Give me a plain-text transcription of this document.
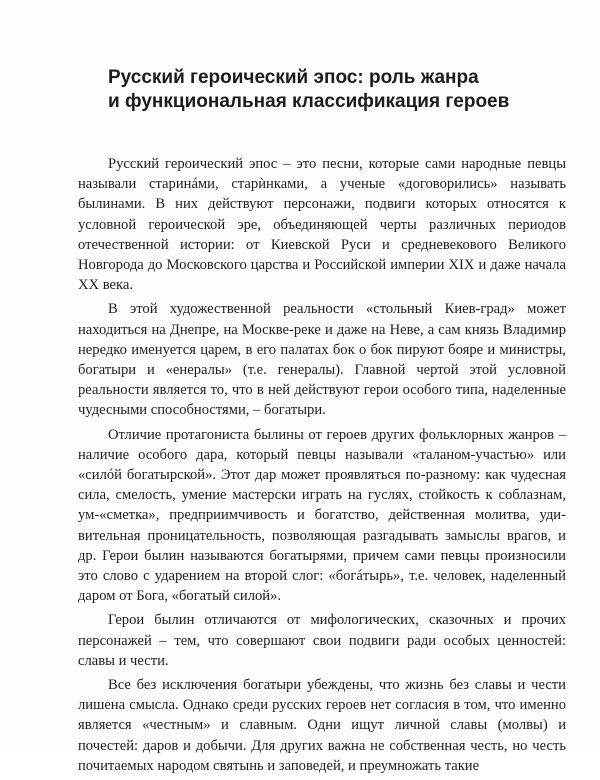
Русский героический эпос: роль жанра
и функциональная классификация героев

Русский героический эпос – это песни, которые сами народные певцы называли старинáми, старѝнками, а ученые «договорились» называть былинами. В них действуют персонажи, подвиги которых относятся к условной героической эре, объединяющей черты различных периодов отечественной истории: от Киевской Руси и средневекового Великого Новгорода до Московского царства и Российской империи XIX и даже начала XX века.

В этой художественной реальности «стольный Киев-град» может находиться на Днепре, на Москве-реке и даже на Неве, а сам князь Владимир нередко именуется царем, в его палатах бок о бок пируют бояре и министры, богатыри и «енералы» (т.е. генералы). Главной чертой этой условной реальности является то, что в ней действуют герои особого типа, наделенные чудесными способностями, – богатыри.

Отличие протагониста былины от героев других фольклорных жанров – наличие особого дара, который певцы называли «таланом-участью» или «силóй богатырской». Этот дар может проявляться по-разному: как чудесная сила, смелость, умение мастерски играть на гуслях, стойкость к соблазнам, ум-«сметка», предприимчивость и богатство, действенная молитва, удивительная проницательность, позволяющая разгадывать замыслы врагов, и др. Герои былин называются богатырями, причем сами певцы произносили это слово с ударением на второй слог: «богáтырь», т.е. человек, наделенный даром от Бога, «богатый силой».

Герои былин отличаются от мифологических, сказочных и прочих персонажей – тем, что совершают свои подвиги ради особых ценностей: славы и чести.

Все без исключения богатыри убеждены, что жизнь без славы и чести лишена смысла. Однако среди русских героев нет согласия в том, что именно является «честным» и славным. Одни ищут личной славы (молвы) и почестей: даров и добычи. Для других важна не собственная честь, но честь почитаемых народом святынь и заповедей, и преумножать такие
